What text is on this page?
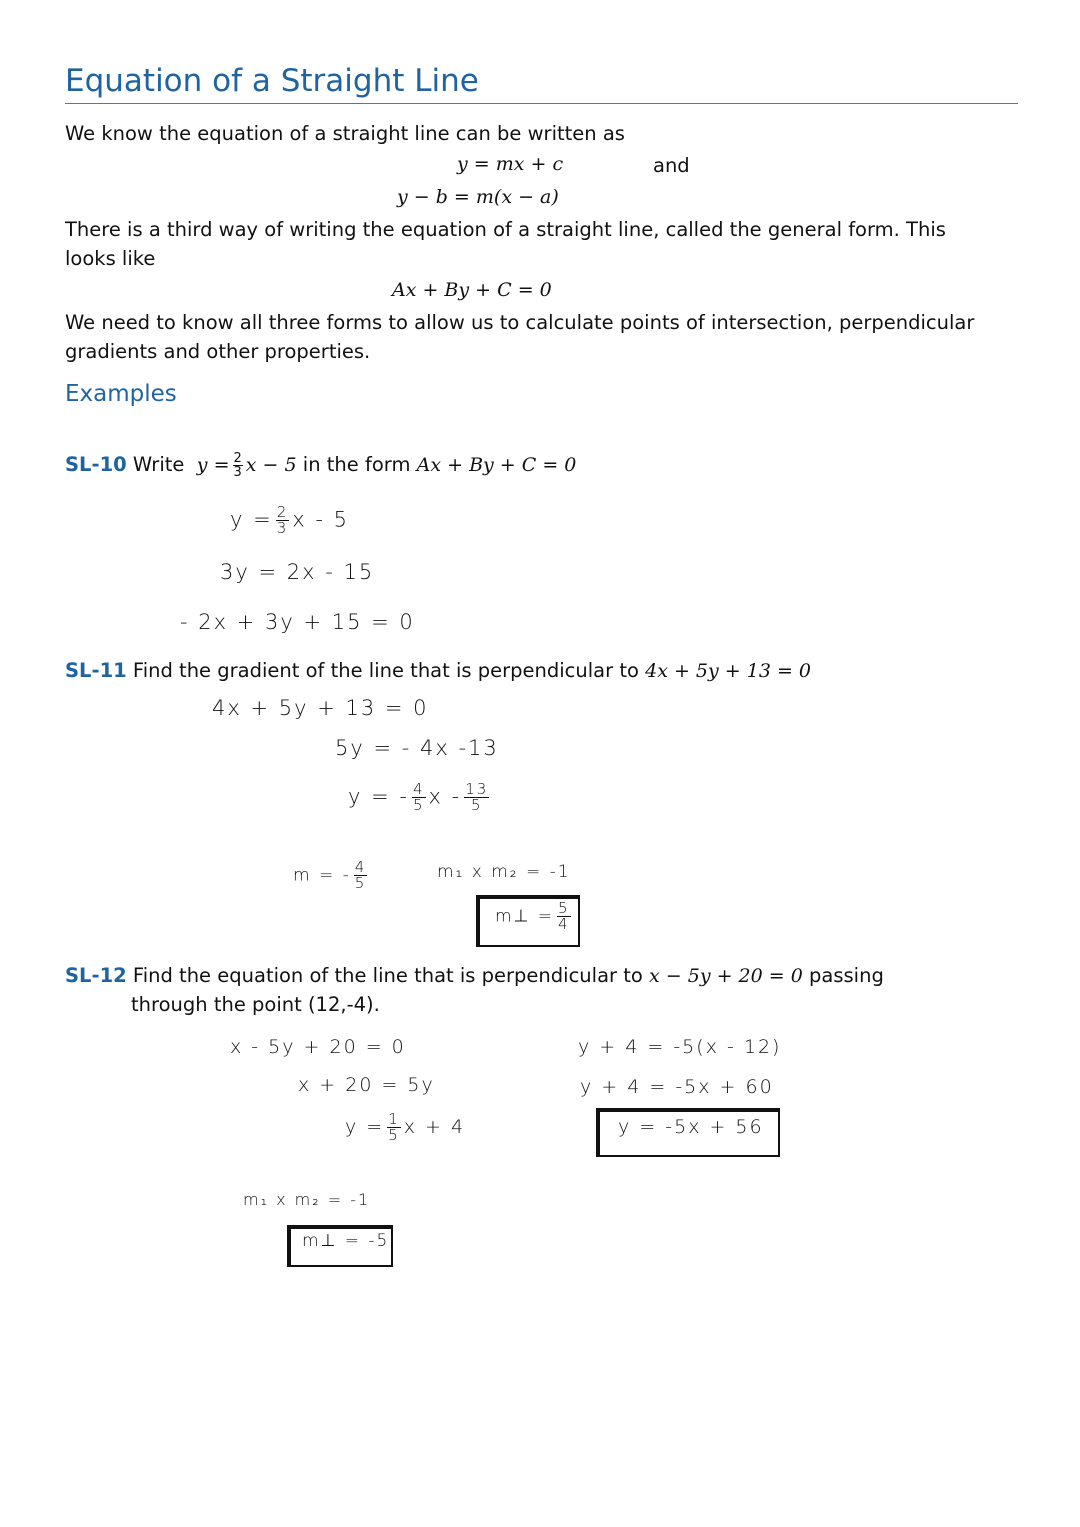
Equation of a Straight Line
We know the equation of a straight line can be written as
y = mx + c	and
y − b = m(x − a)
There is a third way of writing the equation of a straight line, called the general form. This
looks like
Ax + By + C = 0
We need to know all three forms to allow us to calculate points of intersection, perpendicular
gradients and other properties.
Examples
SL-10 Write $y = \frac{2}{3}$ x − 5 in the form Ax + By + C = 0
$y = \frac{2}{3}$ x - 5
3y = 2x - 15
- 2x + 3y + 15 = 0
SL-11 Find the gradient of the line that is perpendicular to 4x + 5y + 13 = 0
4x + 5y + 13 = 0
5y = - 4x -13
y = - $\frac{4}{5}$ x - $\frac{13}{5}$
m = - $\frac{4}{5}$	m₁ x m₂ = -1
m⊥ = $\frac{5}{4}$
SL-12 Find the equation of the line that is perpendicular to x − 5y + 20 = 0 passing
through the point (12,-4).
x - 5y + 20 = 0
x + 20 = 5y
$y = \frac{1}{5}$ x + 4
m₁ x m₂ = -1
m⊥ = -5
y + 4 = -5(x - 12)
y + 4 = -5x + 60
y = -5x + 56
